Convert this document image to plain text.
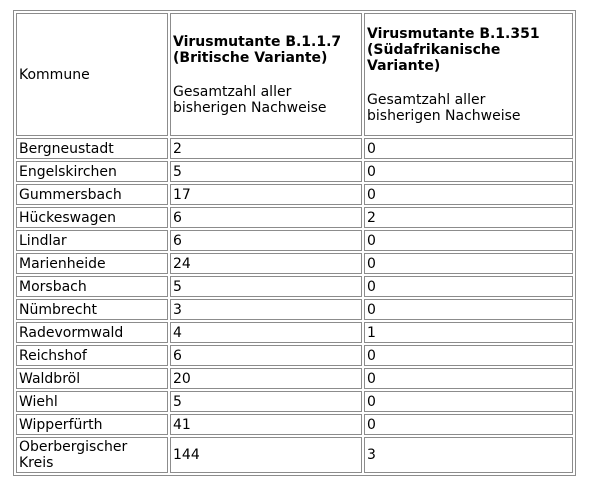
Kommune	Virusmutante B.1.1.7
(Britische Variante)
Gesamtzahl aller
bisherigen Nachweise	Virusmutante B.1.351
(Südafrikanische
Variante)
Gesamtzahl aller
bisherigen Nachweise

Bergneustadt	2	0
Engelskirchen	5	0
Gummersbach	17	0
Hückeswagen	6	2
Lindlar	6	0
Marienheide	24	0
Morsbach	5	0
Nümbrecht	3	0
Radevormwald	4	1
Reichshof	6	0
Waldbröl	20	0
Wiehl	5	0
Wipperfürth	41	0

Oberbergischer
Kreis	144	3
